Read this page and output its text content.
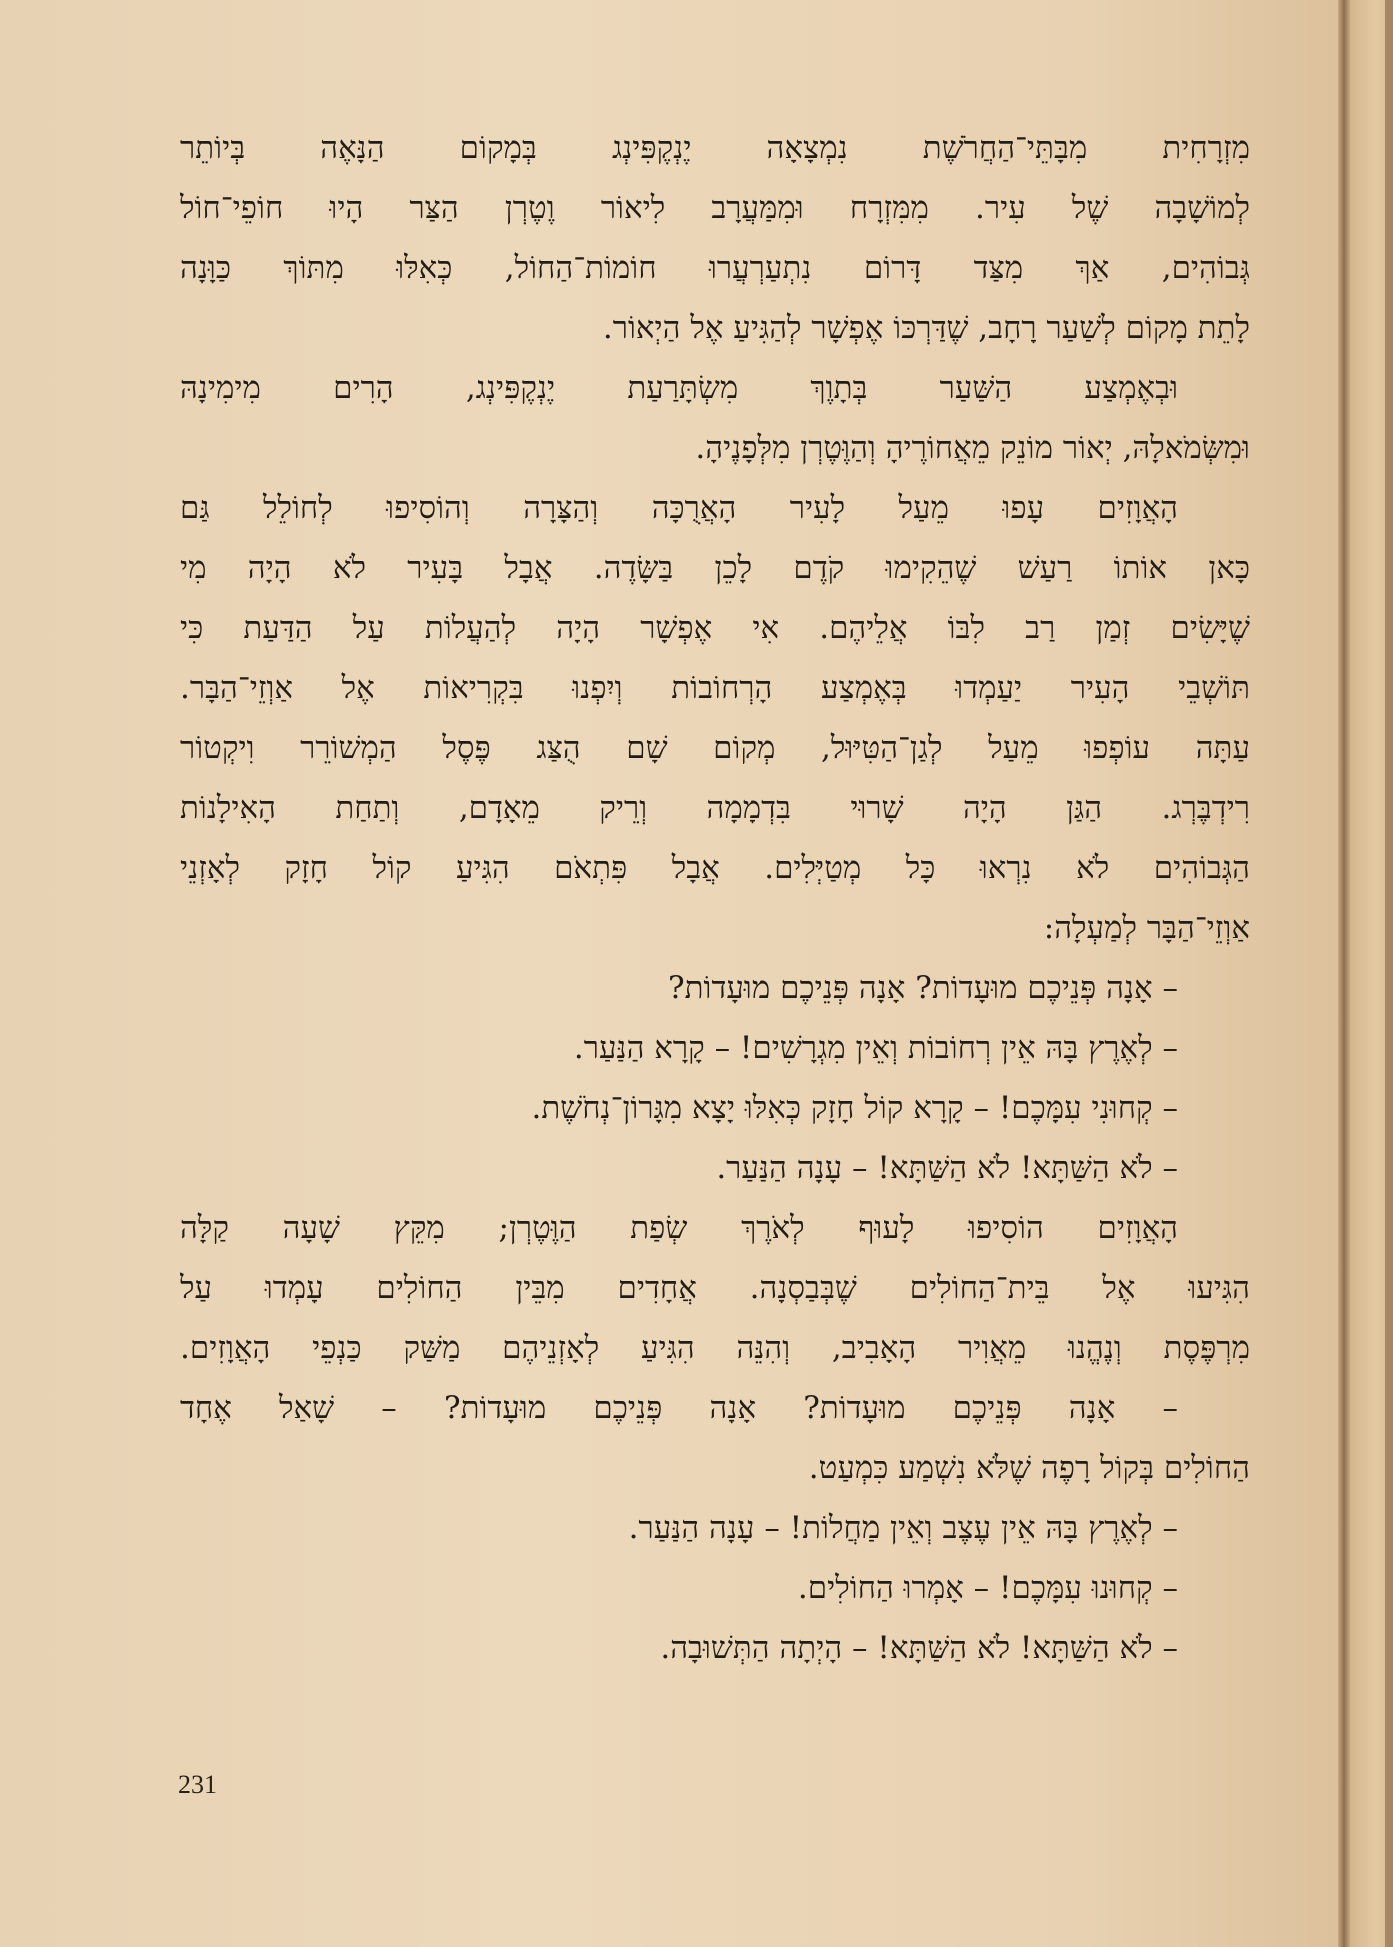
מִזְרָחִית מִבָּתֵּי־הַחֲרֹשֶׁת נִמְצָאָה יֶנְקֶפִּינְג בְּמָקוֹם הַנָּאֶה בְּיוֹתֵר
לְמוֹשָׁבָה שֶׁל עִיר. מִמִּזְרָח וּמִמַּעֲרָב לִיאוֹר וֶטֶרְן הַצַּר הָיוּ חוֹפֵי־חוֹל
גְּבוֹהִים, אַךְ מִצַּד דָּרוֹם נִתְעַרְעֲרוּ חוֹמוֹת־הַחוֹל, כְּאִלּוּ מִתּוֹךְ כַּוָּנָה
לָתֵת מָקוֹם לְשַׁעַר רָחָב, שֶׁדַּרְכּוֹ אֶפְשָׁר לְהַגִּיעַ אֶל הַיְאוֹר.
וּבְאֶמְצַע הַשַּׁעַר בְּתָוֶךְ מִשְׂתָּרַעַת יֶנְקֶפִּינְג, הָרִים מִימִינָהּ
וּמִשְּׂמֹאלָהּ, יְאוֹר מוֹנֵק מֵאֲחוֹרֶיהָ וְהַוֶּטֶרְן מִלְּפָנֶיהָ.
הָאֲוָזִים עָפוּ מֵעַל לָעִיר הָאֲרֻכָּה וְהַצָּרָה וְהוֹסִיפוּ לְחוֹלֵל גַּם
כָּאן אוֹתוֹ רַעַשׁ שֶׁהֵקִימוּ קֹדֶם לָכֵן בַּשָּׂדֶה. אֲבָל בָּעִיר לֹא הָיָה מִי
שֶׁיָּשִׂים זְמַן רַב לִבּוֹ אֲלֵיהֶם. אִי אֶפְשָׁר הָיָה לְהַעֲלוֹת עַל הַדַּעַת כִּי
תּוֹשְׁבֵי הָעִיר יַעַמְדוּ בְּאֶמְצַע הָרְחוֹבוֹת וְיִפְנוּ בִּקְרִיאוֹת אֶל אַוְזֵי־הַבָּר.
עַתָּה עוֹפְפוּ מֵעַל לְגַן־הַטִּיּוּל, מְקוֹם שָׁם הֻצַּג פֶּסֶל הַמְשׁוֹרֵר וִיקְטוֹר
רִידְבֶּרְג. הַגַּן הָיָה שָׁרוּי בִּדְמָמָה וְרֵיק מֵאָדָם, וְתַחַת הָאִילָנוֹת
הַגְּבוֹהִים לֹא נִרְאוּ כָּל מְטַיְּלִים. אֲבָל פִּתְאֹם הִגִּיעַ קוֹל חָזָק לְאָזְנֵי
אַוְזֵי־הַבָּר לְמַעְלָה:
– אָנָה פְּנֵיכֶם מוּעָדוֹת? אָנָה פְּנֵיכֶם מוּעָדוֹת?
– לְאֶרֶץ בָּהּ אֵין רְחוֹבוֹת וְאֵין מִגְרָשִׁים! – קָרָא הַנַּעַר.
– קְחוּנִי עִמָּכֶם! – קָרָא קוֹל חָזָק כְּאִלּוּ יָצָא מִגָּרוֹן־נְחֹשֶׁת.
– לֹא הַשַּׁתָּא! לֹא הַשַּׁתָּא! – עָנָה הַנַּעַר.
הָאֲוָזִים הוֹסִיפוּ לָעוּף לְאֹרֶךְ שְׂפַת הַוֶּטֶרְן; מִקֵּץ שָׁעָה קַלָּה
הִגִּיעוּ אֶל בֵּית־הַחוֹלִים שֶׁבְּבַסְנָה. אֲחָדִים מִבֵּין הַחוֹלִים עָמְדוּ עַל
מִרְפֶּסֶת וְנֶהֱנוּ מֵאֲוִיר הָאָבִיב, וְהִנֵּה הִגִּיעַ לְאָזְנֵיהֶם מַשַּׁק כַּנְפֵי הָאֲוָזִים.
– אָנָה פְּנֵיכֶם מוּעָדוֹת? אָנָה פְּנֵיכֶם מוּעָדוֹת? – שָׁאַל אֶחָד
הַחוֹלִים בְּקוֹל רָפֶה שֶׁלֹּא נִשְׁמַע כִּמְעַט.
– לְאֶרֶץ בָּהּ אֵין עֶצֶב וְאֵין מַחֲלוֹת! – עָנָה הַנַּעַר.
– קְחוּנוּ עִמָּכֶם! – אָמְרוּ הַחוֹלִים.
– לֹא הַשַּׁתָּא! לֹא הַשַּׁתָּא! – הָיְתָה הַתְּשׁוּבָה.
231
